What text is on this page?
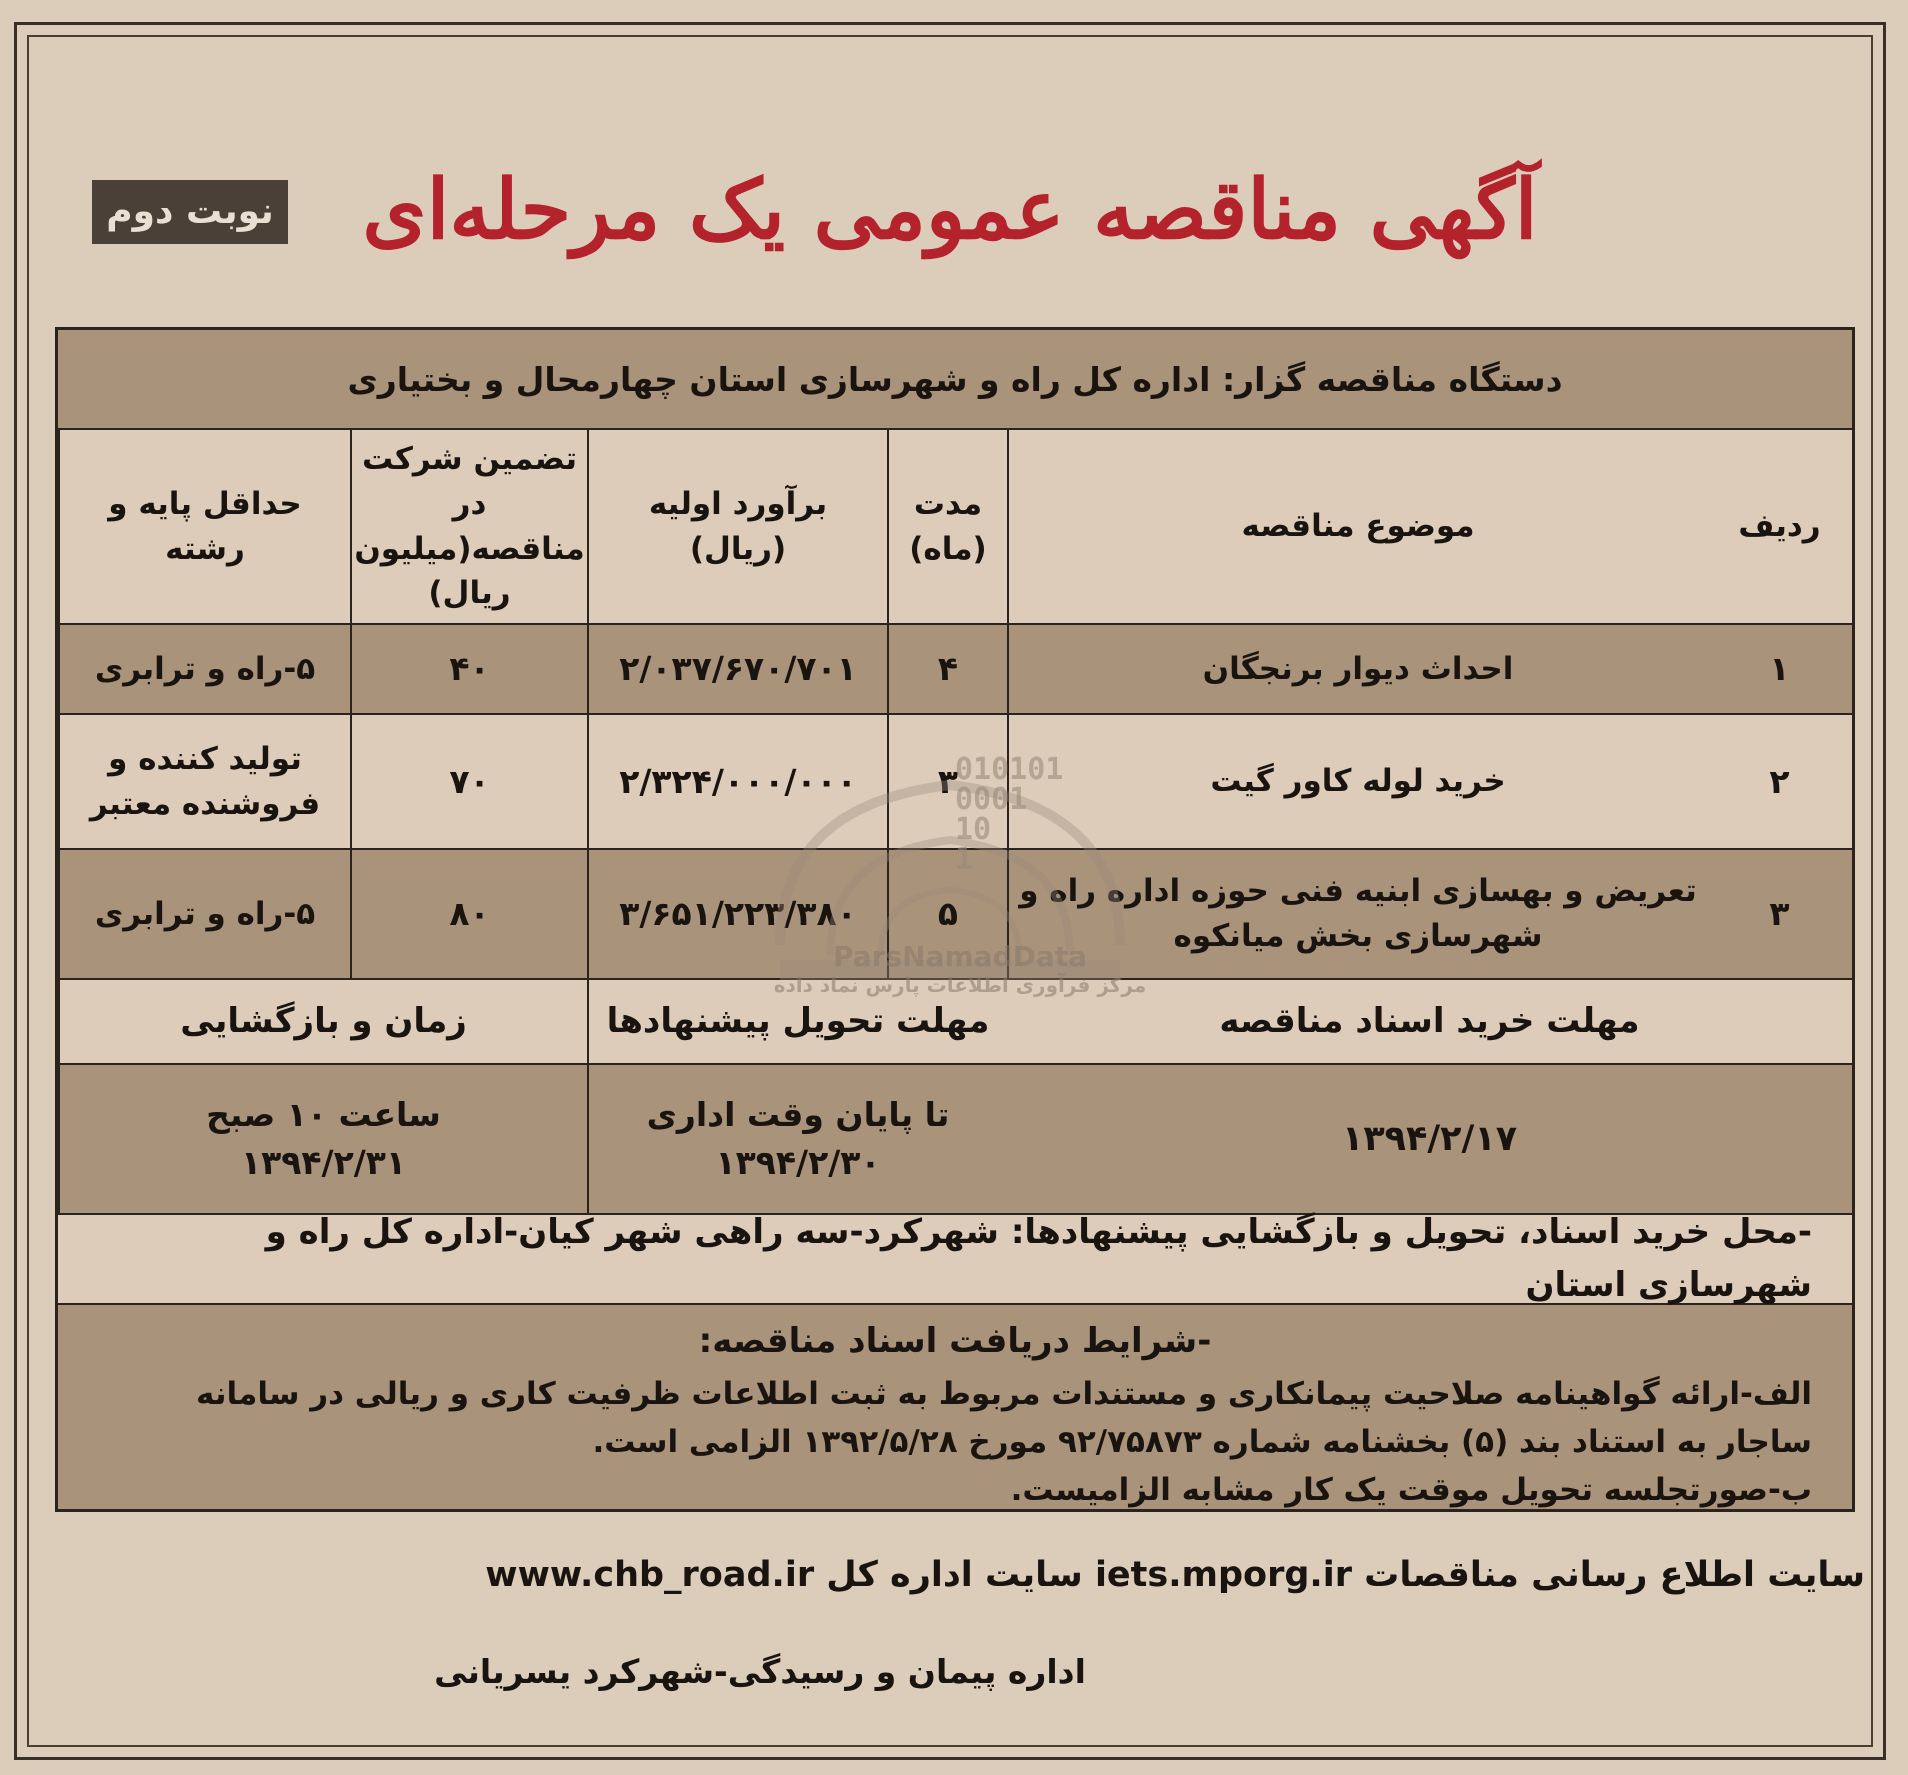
نوبت دوم	آگهی مناقصه عمومی یک مرحله‌ای
دستگاه مناقصه گزار: اداره کل راه و شهرسازی استان چهارمحال و بختیاری
ردیف
موضوع مناقصه
مدت (ماه)
برآورد اولیه (ریال)
تضمین شرکت در مناقصه(میلیون ریال)
حداقل پایه و رشته
۱
احداث دیوار برنجگان
۴
۲/۰۳۷/۶۷۰/۷۰۱
۴۰
۵-راه و ترابری
۲
خرید لوله کاور گیت
۳
۲/۳۲۴/۰۰۰/۰۰۰
۷۰
تولید کننده و فروشنده معتبر
۳
تعریض و بهسازی ابنیه فنی حوزه اداره راه و شهرسازی بخش میانکوه
۵
۳/۶۵۱/۲۲۳/۳۸۰
۸۰
۵-راه و ترابری
مهلت خرید اسناد مناقصه
مهلت تحویل پیشنهادها
زمان و بازگشایی
۱۳۹۴/۲/۱۷
تا پایان وقت اداری
۱۳۹۴/۲/۳۰
ساعت ۱۰ صبح
۱۳۹۴/۲/۳۱
-محل خرید اسناد، تحویل و بازگشایی پیشنهادها: شهرکرد-سه راهی شهر کیان-اداره کل راه و شهرسازی استان
-شرایط دریافت اسناد مناقصه:
الف-ارائه گواهینامه صلاحیت پیمانکاری و مستندات مربوط به ثبت اطلاعات ظرفیت کاری و ریالی در سامانه ساجار به استناد بند (۵) بخشنامه شماره ۹۲/۷۵۸۷۳ مورخ ۱۳۹۲/۵/۲۸ الزامی است.
ب-صورتجلسه تحویل موقت یک کار مشابه الزامیست.
010101
0001
10
1
ParsNamadData
مرکز فرآوری اطلاعات پارس نماد داده
سایت اطلاع رسانی مناقصات iets.mporg.ir سایت اداره کل www.chb_road.ir
اداره پیمان و رسیدگی-شهرکرد یسریانی
